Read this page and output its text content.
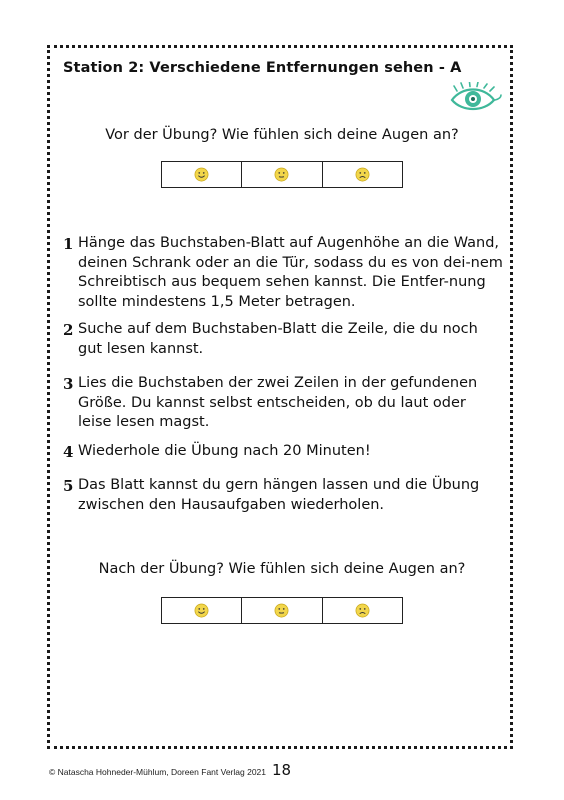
Station 2: Verschiedene Entfernungen sehen - A
Vor der Übung? Wie fühlen sich deine Augen an?
1 Hänge das Buchstaben-Blatt auf Augenhöhe an die Wand, deinen Schrank oder an die Tür, sodass du es von dei-nem Schreibtisch aus bequem sehen kannst. Die Entfer-nung sollte mindestens 1,5 Meter betragen.
2 Suche auf dem Buchstaben-Blatt die Zeile, die du noch gut lesen kannst.
3 Lies die Buchstaben der zwei Zeilen in der gefundenen Größe. Du kannst selbst entscheiden, ob du laut oder leise lesen magst.
4 Wiederhole die Übung nach 20 Minuten!
5 Das Blatt kannst du gern hängen lassen und die Übung zwischen den Hausaufgaben wiederholen.
Nach der Übung? Wie fühlen sich deine Augen an?
© Natascha Hohneder-Mühlum, Doreen Fant Verlag 2021 18
